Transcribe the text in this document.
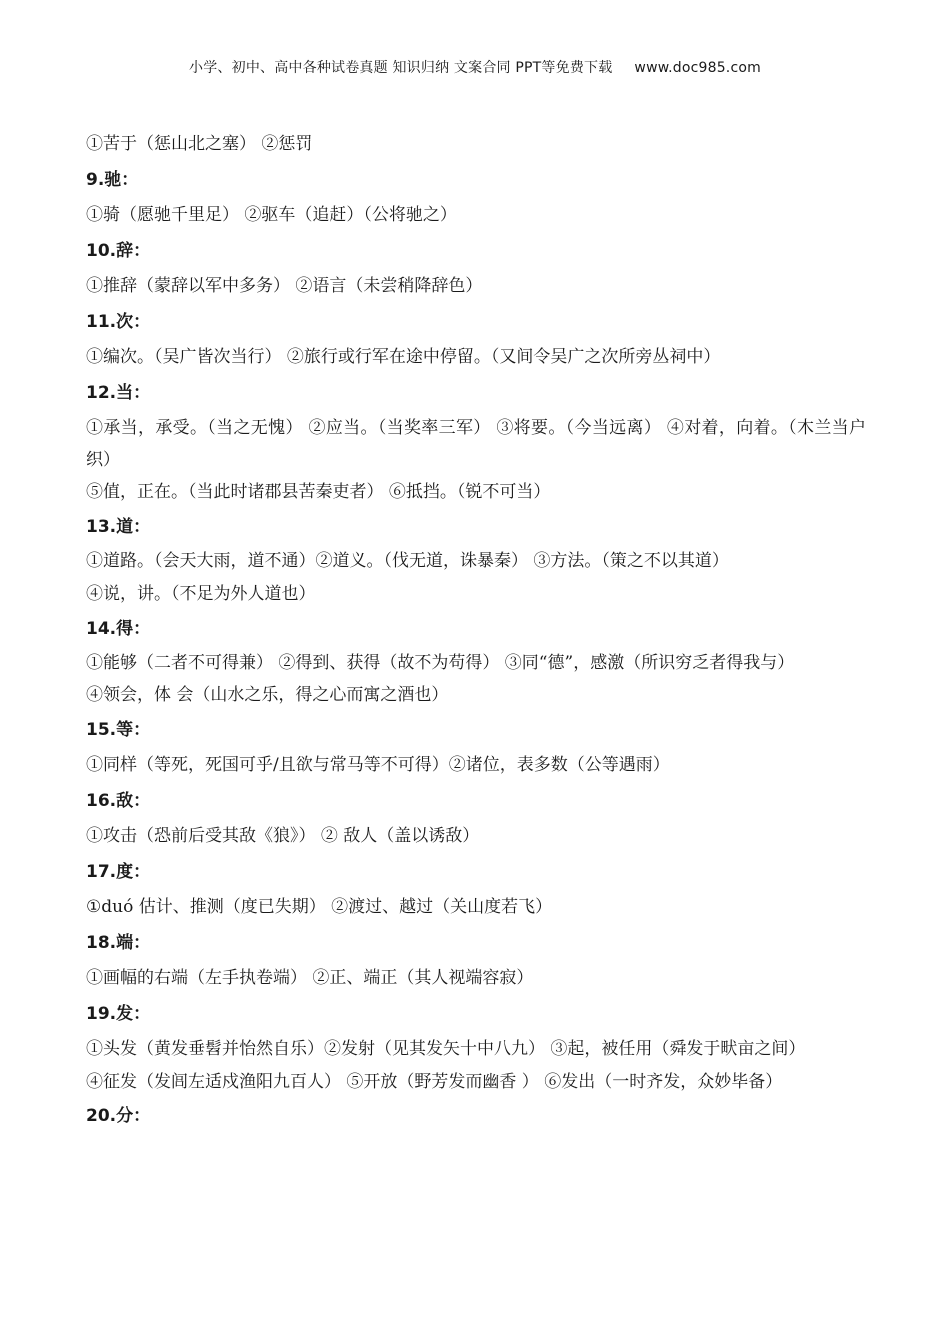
小学、初中、高中各种试卷真题 知识归纳 文案合同 PPT等免费下载 www.doc985.com
①苦于（惩山北之塞） ②惩罚
9.驰：
①骑（愿驰千里足） ②驱车（追赶）（公将驰之）
10.辞：
①推辞（蒙辞以军中多务） ②语言（未尝稍降辞色）
11.次：
①编次。（吴广皆次当行） ②旅行或行军在途中停留。（又间令吴广之次所旁丛祠中）
12.当：
①承当，承受。（当之无愧） ②应当。（当奖率三军） ③将要。（今当远离） ④对着，向着。（木兰当户织）
⑤值，正在。（当此时诸郡县苦秦吏者） ⑥抵挡。（锐不可当）
13.道：
①道路。（会天大雨，道不通）②道义。（伐无道，诛暴秦） ③方法。（策之不以其道）
④说，讲。（不足为外人道也）
14.得：
①能够（二者不可得兼） ②得到、获得（故不为苟得） ③同“德”，感激（所识穷乏者得我与）
④领会，体 会（山水之乐，得之心而寓之酒也）
15.等：
①同样（等死，死国可乎/且欲与常马等不可得）②诸位，表多数（公等遇雨）
16.敌：
①攻击（恐前后受其敌《狼》） ② 敌人（盖以诱敌）
17.度：
①duó 估计、推测（度已失期） ②渡过、越过（关山度若飞）
18.端：
①画幅的右端（左手执卷端） ②正、端正（其人视端容寂）
19.发：
①头发（黄发垂髫并怡然自乐）②发射（见其发矢十中八九） ③起，被任用（舜发于畎亩之间）
④征发（发闾左适戍渔阳九百人） ⑤开放（野芳发而幽香 ） ⑥发出（一时齐发，众妙毕备）
20.分：
